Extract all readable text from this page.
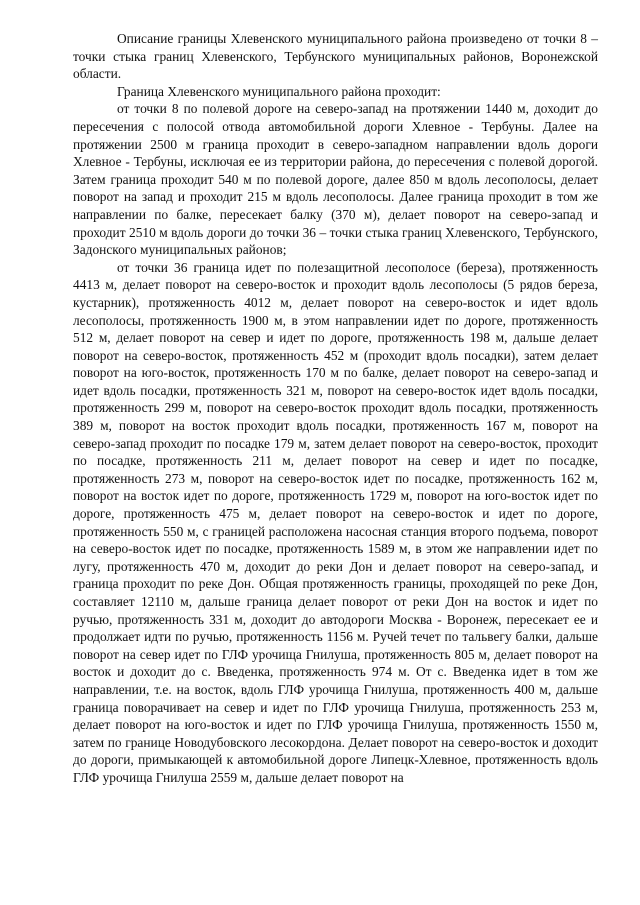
Описание границы Хлевенского муниципального района произведено от точки 8 – точки стыка границ Хлевенского, Тербунского муниципальных районов, Воронежской области.

Граница Хлевенского муниципального района проходит:

от точки 8 по полевой дороге на северо-запад на протяжении 1440 м, доходит до пересечения с полосой отвода автомобильной дороги Хлевное - Тербуны. Далее на протяжении 2500 м граница проходит в северо-западном направлении вдоль дороги Хлевное - Тербуны, исключая ее из территории района, до пересечения с полевой дорогой. Затем граница проходит 540 м по полевой дороге, далее 850 м вдоль лесополосы, делает поворот на запад и проходит 215 м вдоль лесополосы. Далее граница проходит в том же направлении по балке, пересекает балку (370 м), делает поворот на северо-запад и проходит 2510 м вдоль дороги до точки 36 – точки стыка границ Хлевенского, Тербунского, Задонского муниципальных районов;

от точки 36 граница идет по полезащитной лесополосе (береза), протяженность 4413 м, делает поворот на северо-восток и проходит вдоль лесополосы (5 рядов береза, кустарник), протяженность 4012 м, делает поворот на северо-восток и идет вдоль лесополосы, протяженность 1900 м, в этом направлении идет по дороге, протяженность 512 м, делает поворот на север и идет по дороге, протяженность 198 м, дальше делает поворот на северо-восток, протяженность 452 м (проходит вдоль посадки), затем делает поворот на юго-восток, протяженность 170 м по балке, делает поворот на северо-запад и идет вдоль посадки, протяженность 321 м, поворот на северо-восток идет вдоль посадки, протяженность 299 м, поворот на северо-восток проходит вдоль посадки, протяженность 389 м, поворот на восток проходит вдоль посадки, протяженность 167 м, поворот на северо-запад проходит по посадке 179 м, затем делает поворот на северо-восток, проходит по посадке, протяженность 211 м, делает поворот на север и идет по посадке, протяженность 273 м, поворот на северо-восток идет по посадке, протяженность 162 м, поворот на восток идет по дороге, протяженность 1729 м, поворот на юго-восток идет по дороге, протяженность 475 м, делает поворот на северо-восток и идет по дороге, протяженность 550 м, с границей расположена насосная станция второго подъема, поворот на северо-восток идет по посадке, протяженность 1589 м, в этом же направлении идет по лугу, протяженность 470 м, доходит до реки Дон и делает поворот на северо-запад, и граница проходит по реке Дон. Общая протяженность границы, проходящей по реке Дон, составляет 12110 м, дальше граница делает поворот от реки Дон на восток и идет по ручью, протяженность 331 м, доходит до автодороги Москва - Воронеж, пересекает ее и продолжает идти по ручью, протяженность 1156 м. Ручей течет по тальвегу балки, дальше поворот на север идет по ГЛФ урочища Гнилуша, протяженность 805 м, делает поворот на восток и доходит до с. Введенка, протяженность 974 м. От с. Введенка идет в том же направлении, т.е. на восток, вдоль ГЛФ урочища Гнилуша, протяженность 400 м, дальше граница поворачивает на север и идет по ГЛФ урочища Гнилуша, протяженность 253 м, делает поворот на юго-восток и идет по ГЛФ урочища Гнилуша, протяженность 1550 м, затем по границе Новодубовского лесокордона. Делает поворот на северо-восток и доходит до дороги, примыкающей к автомобильной дороге Липецк-Хлевное, протяженность вдоль ГЛФ урочища Гнилуша 2559 м, дальше делает поворот на
